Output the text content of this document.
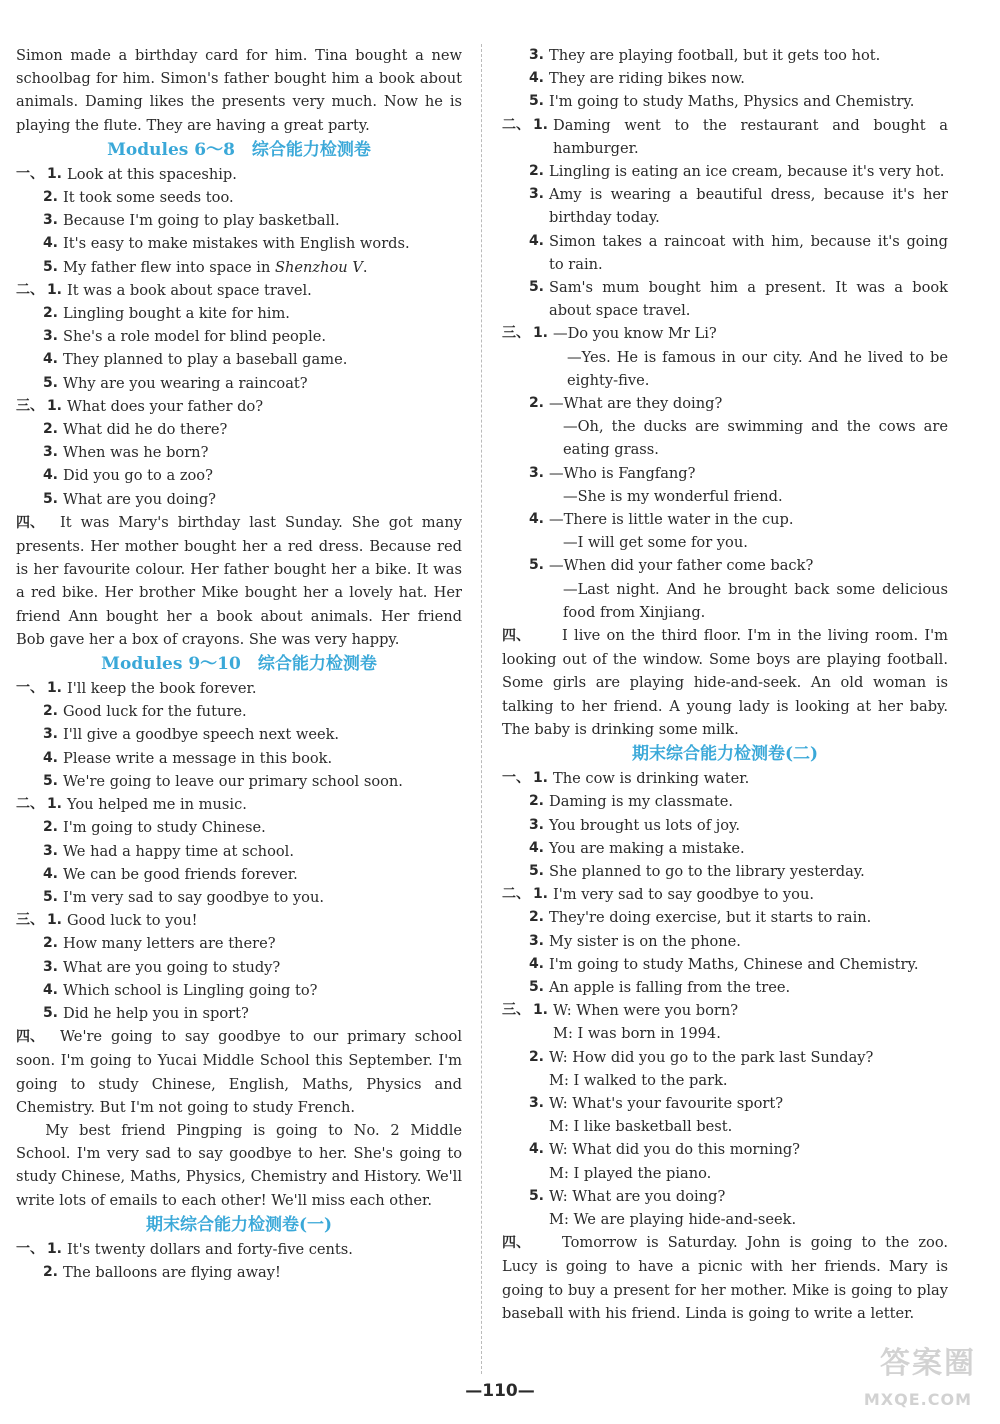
Simon made a birthday card for him. Tina bought a new schoolbag for him. Simon's father bought him a book about animals. Daming likes the presents very much. Now he is playing the flute. They are having a great party.

Modules 6～8　综合能力检测卷

一、 1. Look at this spaceship.
2. It took some seeds too.
3. Because I'm going to play basketball.
4. It's easy to make mistakes with English words.
5. My father flew into space in Shenzhou V.
二、 1. It was a book about space travel.
2. Lingling bought a kite for him.
3. She's a role model for blind people.
4. They planned to play a baseball game.
5. Why are you wearing a raincoat?
三、 1. What does your father do?
2. What did he do there?
3. When was he born?
4. Did you go to a zoo?
5. What are you doing?

四、 It was Mary's birthday last Sunday. She got many presents. Her mother bought her a red dress. Because red is her favourite colour. Her father bought her a bike. It was a red bike. Her brother Mike bought her a lovely hat. Her friend Ann bought her a book about animals. Her friend Bob gave her a box of crayons. She was very happy.

Modules 9～10　综合能力检测卷

一、 1. I'll keep the book forever.
2. Good luck for the future.
3. I'll give a goodbye speech next week.
4. Please write a message in this book.
5. We're going to leave our primary school soon.
二、 1. You helped me in music.
2. I'm going to study Chinese.
3. We had a happy time at school.
4. We can be good friends forever.
5. I'm very sad to say goodbye to you.
三、 1. Good luck to you!
2. How many letters are there?
3. What are you going to study?
4. Which school is Lingling going to?
5. Did he help you in sport?

四、 We're going to say goodbye to our primary school soon. I'm going to Yucai Middle School this September. I'm going to study Chinese, English, Maths, Physics and Chemistry. But I'm not going to study French.

My best friend Pingping is going to No. 2 Middle School. I'm very sad to say goodbye to her. She's going to study Chinese, Maths, Physics, Chemistry and History. We'll write lots of emails to each other! We'll miss each other.

期末综合能力检测卷(一)

一、 1. It's twenty dollars and forty-five cents.
2. The balloons are flying away!
3. They are playing football, but it gets too hot.
4. They are riding bikes now.
5. I'm going to study Maths, Physics and Chemistry.
二、 1. Daming went to the restaurant and bought a hamburger.
2. Lingling is eating an ice cream, because it's very hot.
3. Amy is wearing a beautiful dress, because it's her birthday today.
4. Simon takes a raincoat with him, because it's going to rain.
5. Sam's mum bought him a present. It was a book about space travel.
三、 1. —Do you know Mr Li?

—Yes. He is famous in our city. And he lived to be eighty-five.
2. —What are they doing?

—Oh, the ducks are swimming and the cows are eating grass.
3. —Who is Fangfang?

—She is my wonderful friend.
4. —There is little water in the cup.

—I will get some for you.
5. —When did your father come back?

—Last night. And he brought back some delicious food from Xinjiang.

四、 I live on the third floor. I'm in the living room. I'm looking out of the window. Some boys are playing football. Some girls are playing hide-and-seek. An old woman is talking to her friend. A young lady is looking at her baby. The baby is drinking some milk.

期末综合能力检测卷(二)

一、 1. The cow is drinking water.
2. Daming is my classmate.
3. You brought us lots of joy.
4. You are making a mistake.
5. She planned to go to the library yesterday.
二、 1. I'm very sad to say goodbye to you.
2. They're doing exercise, but it starts to rain.
3. My sister is on the phone.
4. I'm going to study Maths, Chinese and Chemistry.
5. An apple is falling from the tree.
三、 1. W: When were you born?
M: I was born in 1994.
2. W: How did you go to the park last Sunday?
M: I walked to the park.
3. W: What's your favourite sport?
M: I like basketball best.
4. W: What did you do this morning?
M: I played the piano.
5. W: What are you doing?
M: We are playing hide-and-seek.

四、 Tomorrow is Saturday. John is going to the zoo. Lucy is going to have a picnic with her friends. Mary is going to buy a present for her mother. Mike is going to play baseball with his friend. Linda is going to write a letter.

—110—
答案圈
MXQE.COM
